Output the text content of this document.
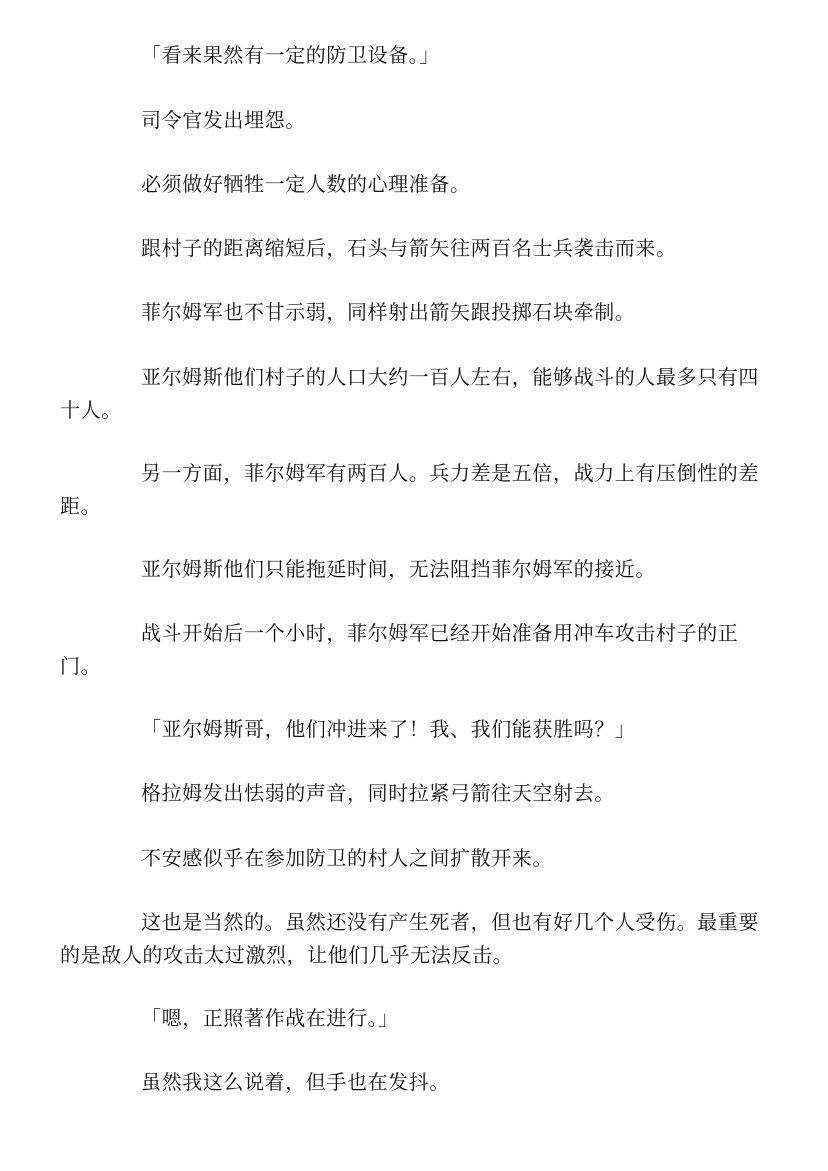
「看来果然有一定的防卫设备。」

司令官发出埋怨。

必须做好牺牲一定人数的心理准备。

跟村子的距离缩短后，石头与箭矢往两百名士兵袭击而来。

菲尔姆军也不甘示弱，同样射出箭矢跟投掷石块牵制。

亚尔姆斯他们村子的人口大约一百人左右，能够战斗的人最多只有四十人。

另一方面，菲尔姆军有两百人。兵力差是五倍，战力上有压倒性的差距。

亚尔姆斯他们只能拖延时间，无法阻挡菲尔姆军的接近。

战斗开始后一个小时，菲尔姆军已经开始准备用冲车攻击村子的正门。

「亚尔姆斯哥，他们冲进来了！我、我们能获胜吗？」

格拉姆发出怯弱的声音，同时拉紧弓箭往天空射去。

不安感似乎在参加防卫的村人之间扩散开来。

这也是当然的。虽然还没有产生死者，但也有好几个人受伤。最重要的是敌人的攻击太过激烈，让他们几乎无法反击。

「嗯，正照著作战在进行。」

虽然我这么说着，但手也在发抖。
